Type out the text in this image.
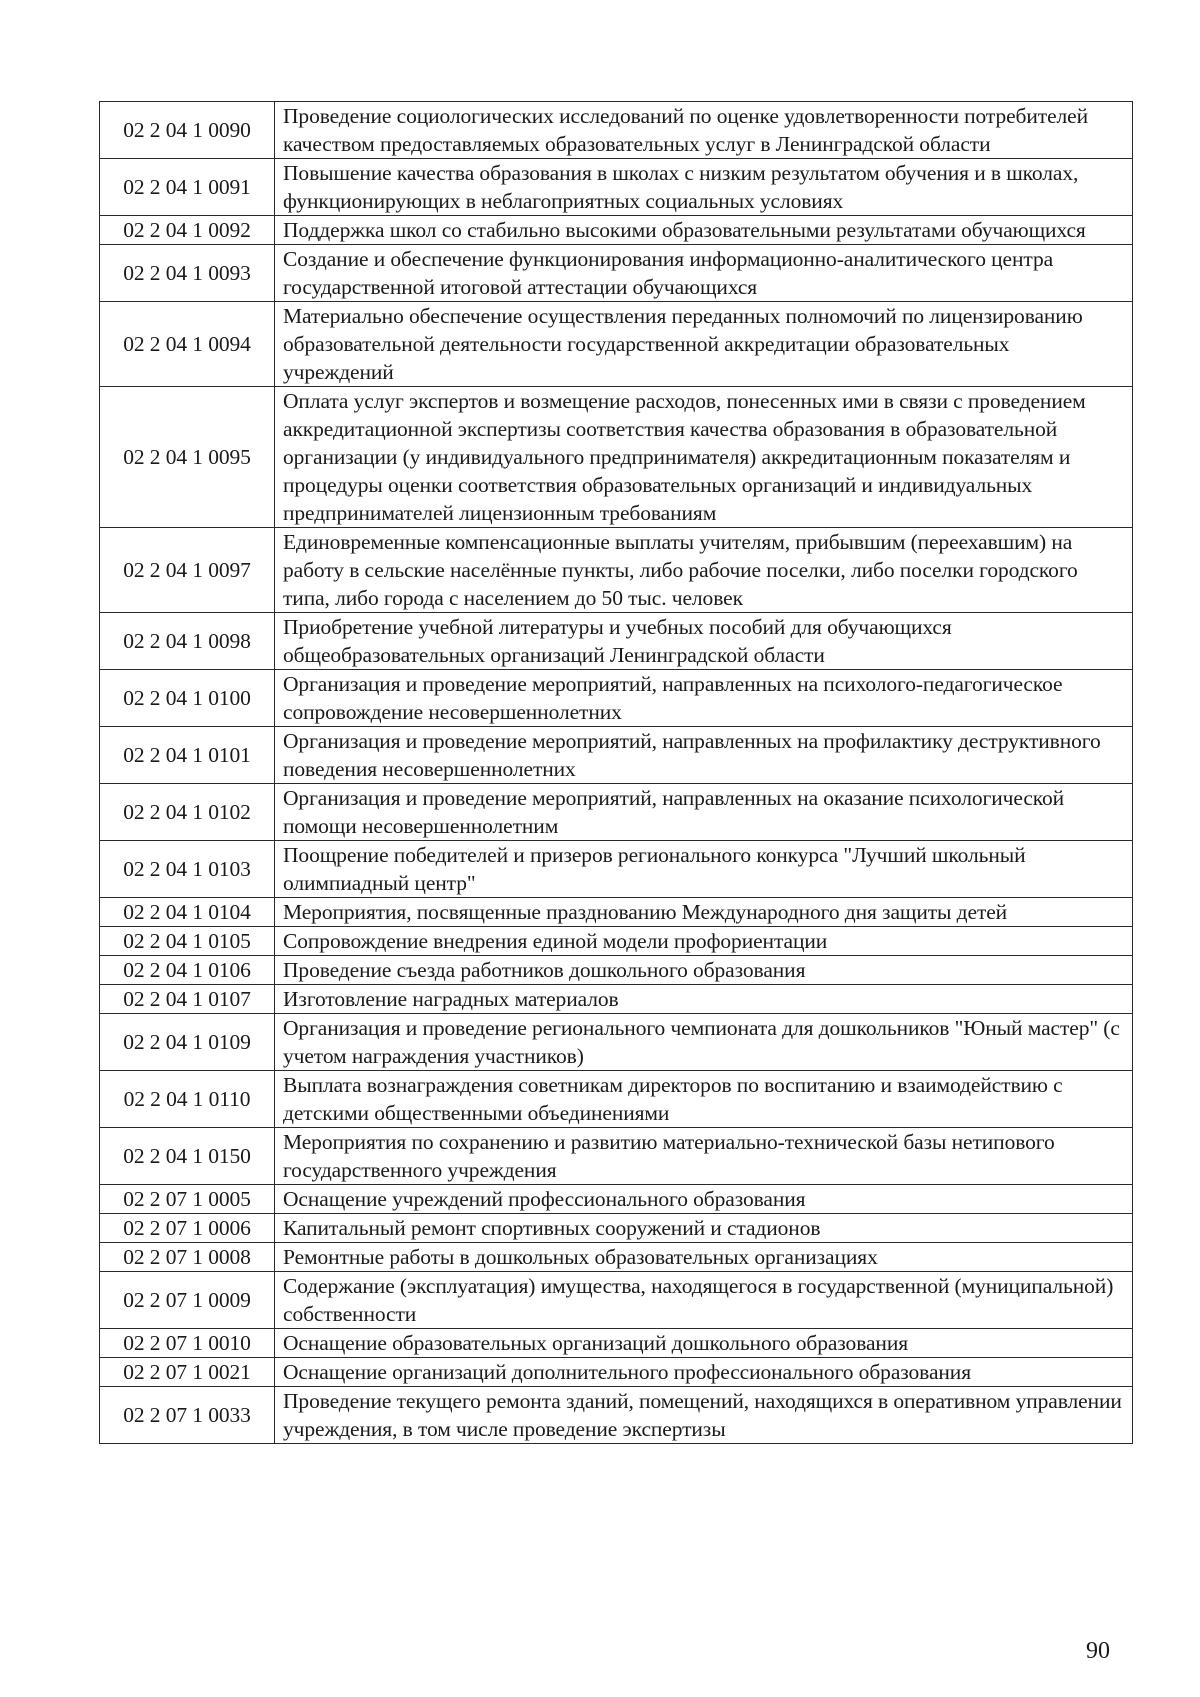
02 2 04 1 0090	Проведение социологических исследований по оценке удовлетворенности потребителей качеством предоставляемых образовательных услуг в Ленинградской области
02 2 04 1 0091	Повышение качества образования в школах с низким результатом обучения и в школах, функционирующих в неблагоприятных социальных условиях
02 2 04 1 0092	Поддержка школ со стабильно высокими образовательными результатами обучающихся
02 2 04 1 0093	Создание и обеспечение функционирования информационно-аналитического центра государственной итоговой аттестации обучающихся
02 2 04 1 0094	Материально обеспечение осуществления переданных полномочий по лицензированию образовательной деятельности государственной аккредитации образовательных учреждений
02 2 04 1 0095	Оплата услуг экспертов и возмещение расходов, понесенных ими в связи с проведением аккредитационной экспертизы соответствия качества образования в образовательной организации (у индивидуального предпринимателя) аккредитационным показателям и процедуры оценки соответствия образовательных организаций и индивидуальных предпринимателей лицензионным требованиям
02 2 04 1 0097	Единовременные компенсационные выплаты учителям, прибывшим (переехавшим) на работу в сельские населённые пункты, либо рабочие поселки, либо поселки городского типа, либо города с населением до 50 тыс. человек
02 2 04 1 0098	Приобретение учебной литературы и учебных пособий для обучающихся общеобразовательных организаций Ленинградской области
02 2 04 1 0100	Организация и проведение мероприятий, направленных на психолого-педагогическое сопровождение несовершеннолетних
02 2 04 1 0101	Организация и проведение мероприятий, направленных на профилактику деструктивного поведения несовершеннолетних
02 2 04 1 0102	Организация и проведение мероприятий, направленных на оказание психологической помощи несовершеннолетним
02 2 04 1 0103	Поощрение победителей и призеров регионального конкурса "Лучший школьный олимпиадный центр"
02 2 04 1 0104	Мероприятия, посвященные празднованию Международного дня защиты детей
02 2 04 1 0105	Сопровождение внедрения единой модели профориентации
02 2 04 1 0106	Проведение съезда работников дошкольного образования
02 2 04 1 0107	Изготовление наградных материалов
02 2 04 1 0109	Организация и проведение регионального чемпионата для дошкольников "Юный мастер" (с учетом награждения участников)
02 2 04 1 0110	Выплата вознаграждения советникам директоров по воспитанию и взаимодействию с детскими общественными объединениями
02 2 04 1 0150	Мероприятия по сохранению и развитию материально-технической базы нетипового государственного учреждения
02 2 07 1 0005	Оснащение учреждений профессионального образования
02 2 07 1 0006	Капитальный ремонт спортивных сооружений и стадионов
02 2 07 1 0008	Ремонтные работы в дошкольных образовательных организациях
02 2 07 1 0009	Содержание (эксплуатация) имущества, находящегося в государственной (муниципальной) собственности
02 2 07 1 0010	Оснащение образовательных организаций дошкольного образования
02 2 07 1 0021	Оснащение организаций дополнительного профессионального образования
02 2 07 1 0033	Проведение текущего ремонта зданий, помещений, находящихся в оперативном управлении учреждения, в том числе проведение экспертизы
90
